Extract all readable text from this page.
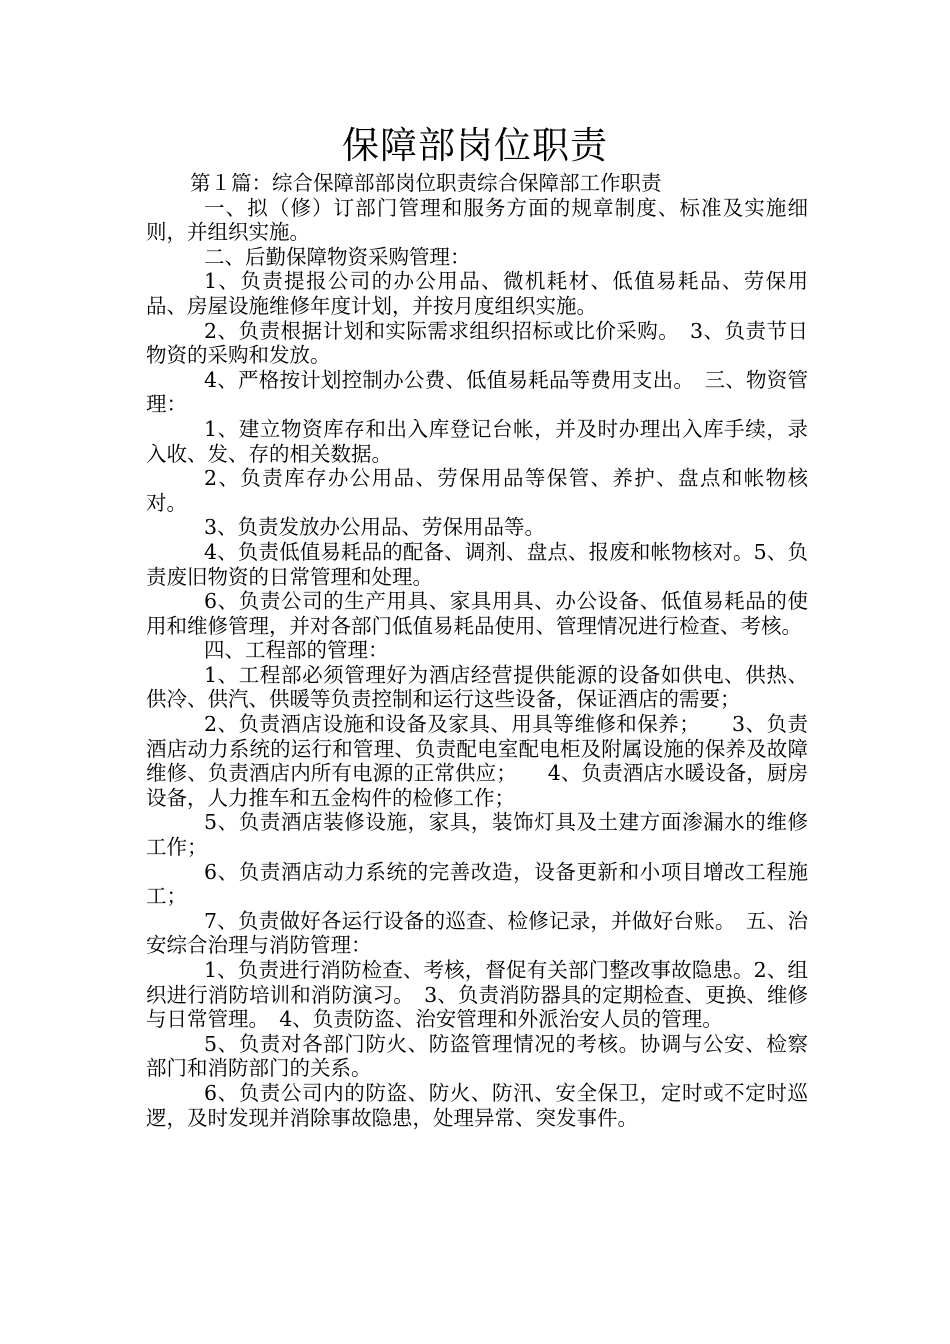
保障部岗位职责

第１篇：综合保障部部岗位职责综合保障部工作职责

一、拟（修）订部门管理和服务方面的规章制度、标准及实施细则，并组织实施。

二、后勤保障物资采购管理：

1、负责提报公司的办公用品、微机耗材、低值易耗品、劳保用品、房屋设施维修年度计划，并按月度组织实施。

2、负责根据计划和实际需求组织招标或比价采购。　3、负责节日物资的采购和发放。

4、严格按计划控制办公费、低值易耗品等费用支出。　三、物资管理：

1、建立物资库存和出入库登记台帐，并及时办理出入库手续，录入收、发、存的相关数据。

2、负责库存办公用品、劳保用品等保管、养护、盘点和帐物核对。

3、负责发放办公用品、劳保用品等。

4、负责低值易耗品的配备、调剂、盘点、报废和帐物核对。5、负责废旧物资的日常管理和处理。

6、负责公司的生产用具、家具用具、办公设备、低值易耗品的使用和维修管理，并对各部门低值易耗品使用、管理情况进行检查、考核。

四、工程部的管理：

1、工程部必须管理好为酒店经营提供能源的设备如供电、供热、供冷、供汽、供暖等负责控制和运行这些设备，保证酒店的需要；

2、负责酒店设施和设备及家具、用具等维修和保养；　　3、负责酒店动力系统的运行和管理、负责配电室配电柜及附属设施的保养及故障维修、负责酒店内所有电源的正常供应；　　4、负责酒店水暖设备，厨房设备，人力推车和五金构件的检修工作；

5、负责酒店装修设施，家具，装饰灯具及土建方面渗漏水的维修工作；

6、负责酒店动力系统的完善改造，设备更新和小项目增改工程施工；

7、负责做好各运行设备的巡查、检修记录，并做好台账。　五、治安综合治理与消防管理：

1、负责进行消防检查、考核，督促有关部门整改事故隐患。2、组织进行消防培训和消防演习。　3、负责消防器具的定期检查、更换、维修与日常管理。　4、负责防盗、治安管理和外派治安人员的管理。

5、负责对各部门防火、防盗管理情况的考核。协调与公安、检察部门和消防部门的关系。

6、负责公司内的防盗、防火、防汛、安全保卫，定时或不定时巡逻，及时发现并消除事故隐患，处理异常、突发事件。
